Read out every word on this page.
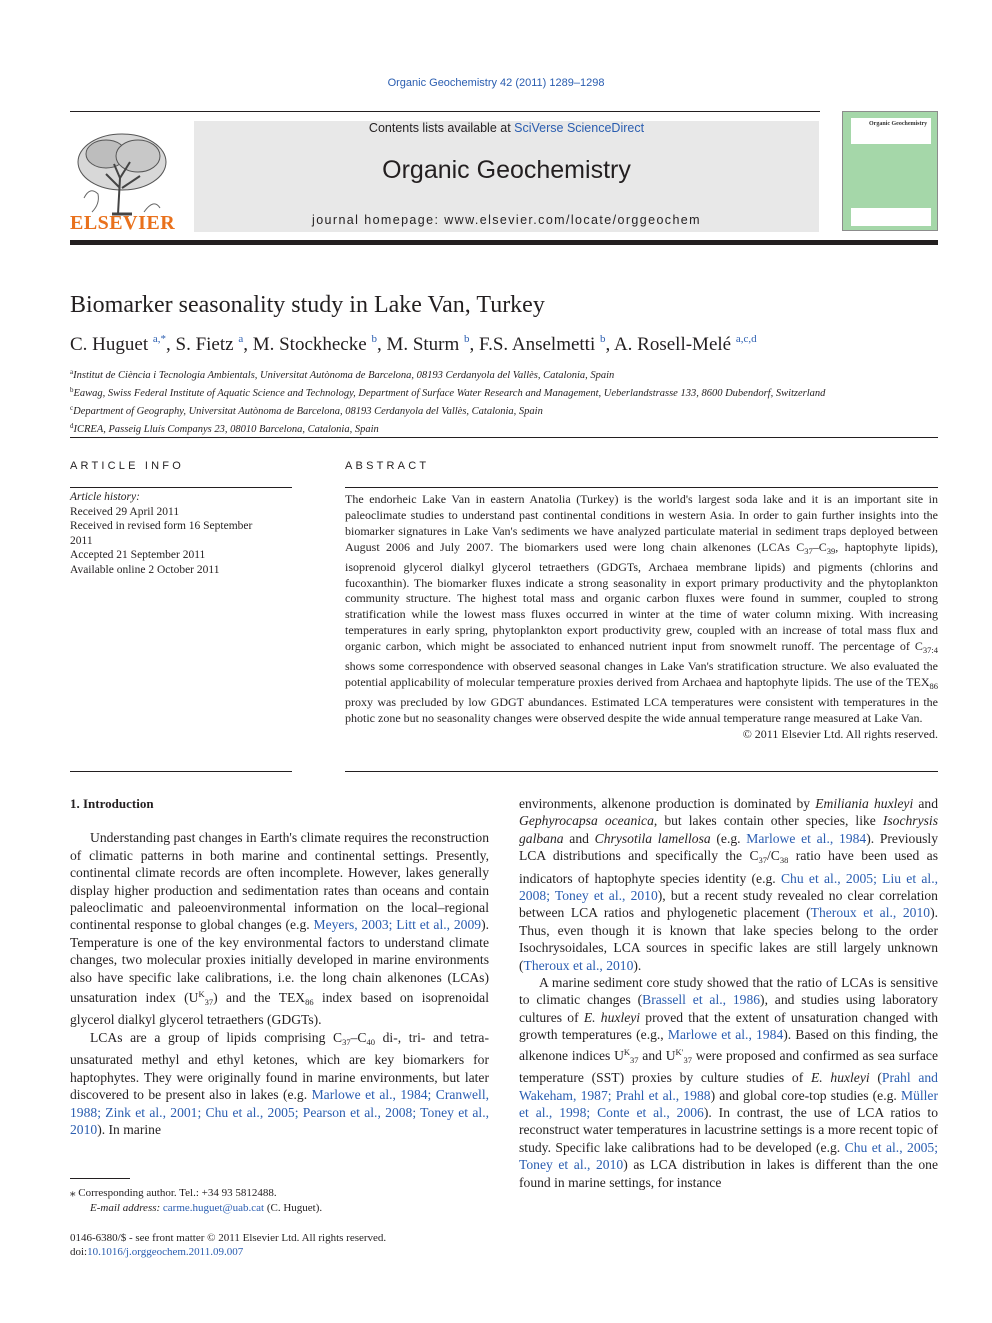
Organic Geochemistry 42 (2011) 1289–1298
ELSEVIER
Contents lists available at SciVerse ScienceDirect
Organic Geochemistry
journal homepage: www.elsevier.com/locate/orggeochem
Organic Geochemistry
Biomarker seasonality study in Lake Van, Turkey
C. Huguet $^{a,*}$, S. Fietz $^a$, M. Stockhecke $^b$, M. Sturm $^b$, F.S. Anselmetti $^b$, A. Rosell-Melé $^{a,c,d}$
$^a$Institut de Ciència i Tecnologia Ambientals, Universitat Autònoma de Barcelona, 08193 Cerdanyola del Vallès, Catalonia, Spain
$^b$Eawag, Swiss Federal Institute of Aquatic Science and Technology, Department of Surface Water Research and Management, Ueberlandstrasse 133, 8600 Dubendorf, Switzerland
$^c$Department of Geography, Universitat Autònoma de Barcelona, 08193 Cerdanyola del Vallès, Catalonia, Spain
$^d$ICREA, Passeig Lluís Companys 23, 08010 Barcelona, Catalonia, Spain
ARTICLE INFO
Article history:
Received 29 April 2011
Received in revised form 16 September
2011
Accepted 21 September 2011
Available online 2 October 2011
ABSTRACT
The endorheic Lake Van in eastern Anatolia (Turkey) is the world's largest soda lake and it is an important site in paleoclimate studies to understand past continental conditions in western Asia. In order to gain further insights into the biomarker signatures in Lake Van's sediments we have analyzed particulate material in sediment traps deployed between August 2006 and July 2007. The biomarkers used were long chain alkenones (LCAs $C_{37}-C_{39}$, haptophyte lipids), isoprenoid glycerol dialkyl glycerol tetraethers (GDGTs, Archaea membrane lipids) and pigments (chlorins and fucoxanthin). The biomarker fluxes indicate a strong seasonality in export primary productivity and the phytoplankton community structure. The highest total mass and organic carbon fluxes were found in summer, coupled to strong stratification while the lowest mass fluxes occurred in winter at the time of water column mixing. With increasing temperatures in early spring, phytoplankton export productivity grew, coupled with an increase of total mass flux and organic carbon, which might be associated to enhanced nutrient input from snowmelt runoff. The percentage of $C_{37:4}$ shows some correspondence with observed seasonal changes in Lake Van's stratification structure. We also evaluated the potential applicability of molecular temperature proxies derived from Archaea and haptophyte lipids. The use of the $TEX_{86}$ proxy was precluded by low GDGT abundances. Estimated LCA temperatures were consistent with temperatures in the photic zone but no seasonality changes were observed despite the wide annual temperature range measured at Lake Van.
© 2011 Elsevier Ltd. All rights reserved.

1. Introduction

Understanding past changes in Earth's climate requires the reconstruction of climatic patterns in both marine and continental settings. Presently, continental climate records are often incomplete. However, lakes generally display higher production and sedimentation rates than oceans and contain paleoclimatic and paleoenvironmental information on the local–regional continental response to global changes (e.g. Meyers, 2003; Litt et al., 2009). Temperature is one of the key environmental factors to understand climate changes, two molecular proxies initially developed in marine environments also have specific lake calibrations, i.e. the long chain alkenones (LCAs) unsaturation index $(U^K_{37})$ and the $TEX_{86}$ index based on isoprenoidal glycerol dialkyl glycerol tetraethers (GDGTs).

LCAs are a group of lipids comprising $C_{37}-C_{40}$ di-, tri- and tetra-unsaturated methyl and ethyl ketones, which are key biomarkers for haptophytes. They were originally found in marine environments, but later discovered to be present also in lakes (e.g. Marlowe et al., 1984; Cranwell, 1988; Zink et al., 2001; Chu et al., 2005; Pearson et al., 2008; Toney et al., 2010). In marine

environments, alkenone production is dominated by Emiliania huxleyi and Gephyrocapsa oceanica, but lakes contain other species, like Isochrysis galbana and Chrysotila lamellosa (e.g. Marlowe et al., 1984). Previously LCA distributions and specifically the $C_{37}/C_{38}$ ratio have been used as indicators of haptophyte species identity (e.g. Chu et al., 2005; Liu et al., 2008; Toney et al., 2010), but a recent study revealed no clear correlation between LCA ratios and phylogenetic placement (Theroux et al., 2010). Thus, even though it is known that lake species belong to the order Isochrysoidales, LCA sources in specific lakes are still largely unknown (Theroux et al., 2010).

A marine sediment core study showed that the ratio of LCAs is sensitive to climatic changes (Brassell et al., 1986), and studies using laboratory cultures of E. huxleyi proved that the extent of unsaturation changed with growth temperatures (e.g., Marlowe et al., 1984). Based on this finding, the alkenone indices $U^K_{37}$ and $U^{K'}_{37}$ were proposed and confirmed as sea surface temperature (SST) proxies by culture studies of E. huxleyi (Prahl and Wakeham, 1987; Prahl et al., 1988) and global core-top studies (e.g. Müller et al., 1998; Conte et al., 2006). In contrast, the use of LCA ratios to reconstruct water temperatures in lacustrine settings is a more recent topic of study. Specific lake calibrations had to be developed (e.g. Chu et al., 2005; Toney et al., 2010) as LCA distribution in lakes is different than the one found in marine settings, for instance

⁎ Corresponding author. Tel.: +34 93 5812488.
E-mail address: carme.huguet@uab.cat (C. Huguet).
0146-6380/$ - see front matter © 2011 Elsevier Ltd. All rights reserved.
doi:10.1016/j.orggeochem.2011.09.007
